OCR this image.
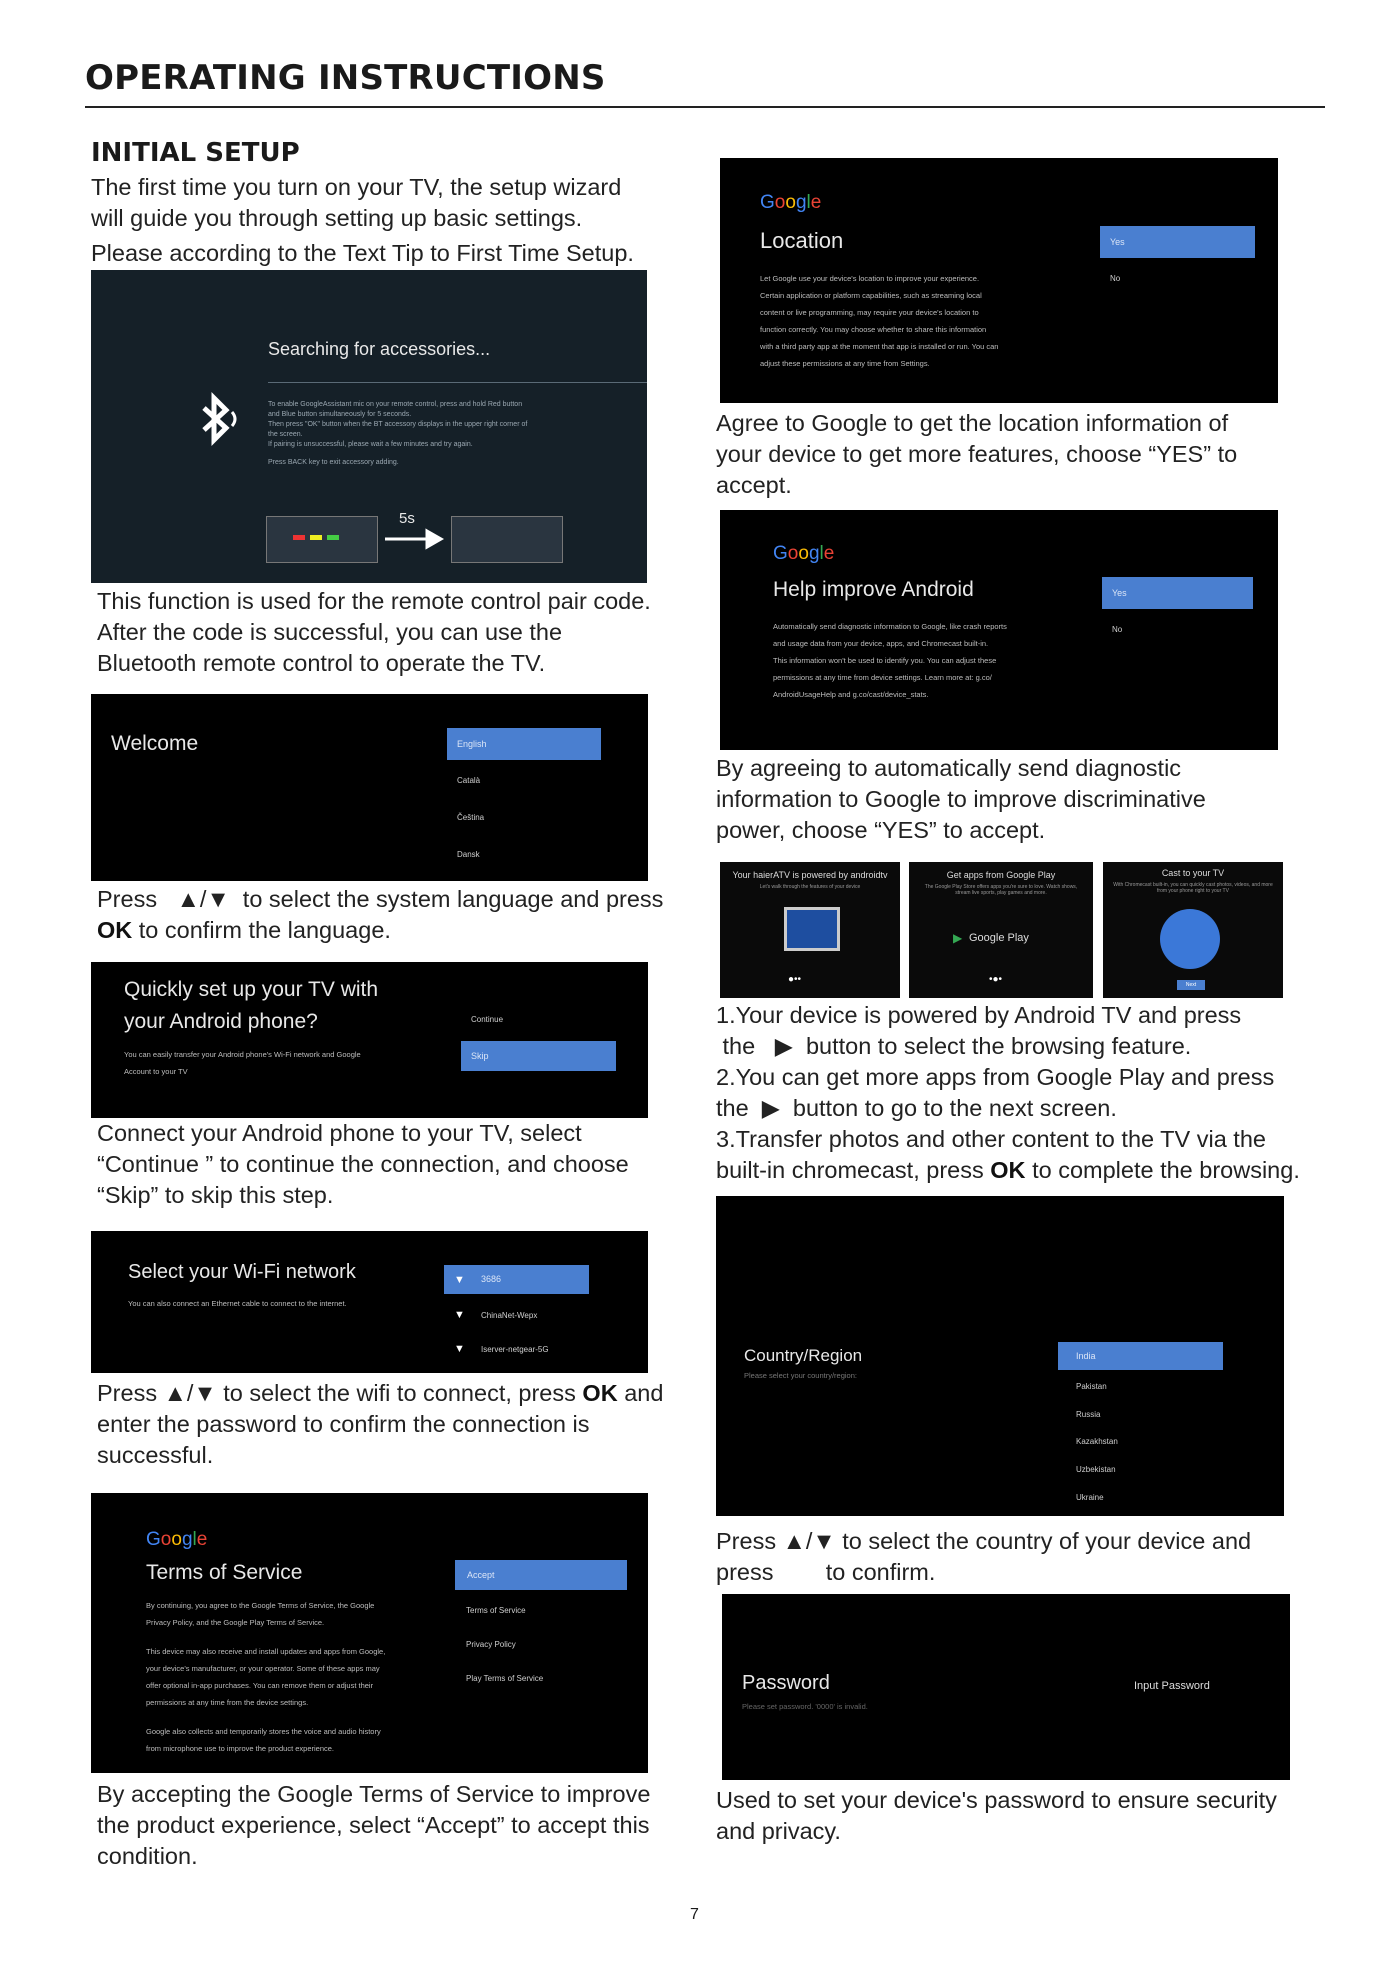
OPERATING INSTRUCTIONS
INITIAL SETUP
The first time you turn on your TV, the setup wizard
will guide you through setting up basic settings.
Please according to the Text Tip to First Time Setup.
Searching for accessories...
To enable GoogleAssistant mic on your remote control, press and hold Red button
and Blue button simultaneously for 5 seconds.
Then press "OK" button when the BT accessory displays in the upper right corner of
the screen.
If pairing is unsuccessful, please wait a few minutes and try again.
Press BACK key to exit accessory adding.
5s
This function is used for the remote control pair code.
After the code is successful, you can use the
Bluetooth remote control to operate the TV.
Welcome	English
Català
Čeština
Dansk
Press ▲/▼ to select the system language and press
OK to confirm the language.
Quickly set up your TV with
your Android phone?
You can easily transfer your Android phone's Wi-Fi network and Google
Account to your TV
Continue
Skip
Connect your Android phone to your TV, select
“Continue ” to continue the connection, and choose
“Skip” to skip this step.
Select your Wi-Fi network
You can also connect an Ethernet cable to connect to the internet.
3686
▼
▼ ChinaNet-Wepx
▼ Iserver-netgear-5G
Press ▲/▼ to select the wifi to connect, press OK and
enter the password to confirm the connection is
successful.
Google
Terms of Service
By continuing, you agree to the Google Terms of Service, the Google
Privacy Policy, and the Google Play Terms of Service.
This device may also receive and install updates and apps from Google,
your device's manufacturer, or your operator. Some of these apps may
offer optional in-app purchases. You can remove them or adjust their
permissions at any time from the device settings.
Google also collects and temporarily stores the voice and audio history
from microphone use to improve the product experience.
Accept
Terms of Service
Privacy Policy
Play Terms of Service
By accepting the Google Terms of Service to improve
the product experience, select “Accept” to accept this
condition.
Google
Location
Let Google use your device's location to improve your experience.
Certain application or platform capabilities, such as streaming local
content or live programming, may require your device's location to
function correctly. You may choose whether to share this information
with a third party app at the moment that app is installed or run. You can
adjust these permissions at any time from Settings.
Yes
No
Agree to Google to get the location information of
your device to get more features, choose “YES” to
accept.
Google
Help improve Android
Automatically send diagnostic information to Google, like crash reports
and usage data from your device, apps, and Chromecast built-in.
This information won't be used to identify you. You can adjust these
permissions at any time from device settings. Learn more at: g.co/
AndroidUsageHelp and g.co/cast/device_stats.
Yes
No
By agreeing to automatically send diagnostic
information to Google to improve discriminative
power, choose “YES” to accept.
Your haierATV is powered by androidtv
Let's walk through the features of your device
●••
Get apps from Google Play
The Google Play Store offers apps you're sure to love. Watch shows, stream live sports, play games and more.
▶ Google Play
•●•
Cast to your TV
With Chromecast built-in, you can quickly cast photos, videos, and more from your phone right to your TV
Next
1.Your device is powered by Android TV and press
the ▶ button to select the browsing feature.
2.You can get more apps from Google Play and press
the ▶ button to go to the next screen.
3.Transfer photos and other content to the TV via the
built-in chromecast, press OK to complete the browsing.
Country/Region
Please select your country/region:
India
Pakistan
Russia
Kazakhstan
Uzbekistan
Ukraine
Press ▲/▼ to select the country of your device and
press to confirm.
Password
Please set password. '0000' is invalid.
Input Password
Used to set your device's password to ensure security
and privacy.
7
